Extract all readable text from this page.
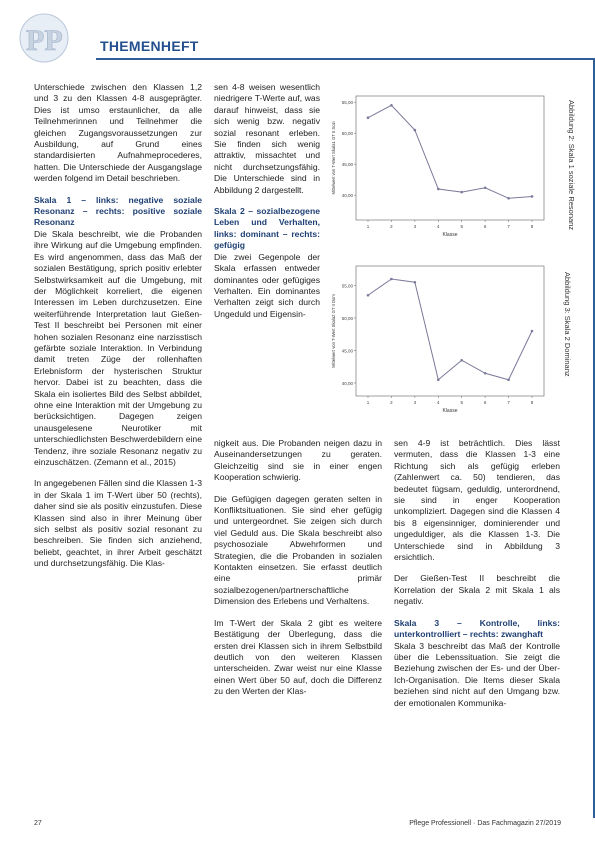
PP	THEMENHEFT

Unterschiede zwischen den Klassen 1,2 und 3 zu den Klassen 4-8 ausgeprägter. Dies ist umso erstaunlicher, da alle Teilnehmerinnen und Teilnehmer die gleichen Zugangsvoraussetzungen zur Ausbildung, auf Grund eines standardisierten Aufnahmeprocederes, hatten. Die Unterschiede der Ausgangslage werden folgend im Detail beschrieben.

Skala 1 – links: negative soziale Resonanz – rechts: positive soziale Resonanz

Die Skala beschreibt, wie die Probanden ihre Wirkung auf die Umgebung empfinden. Es wird angenommen, dass das Maß der sozialen Bestätigung, sprich positiv erlebter Selbstwirksamkeit auf die Umgebung, mit der Möglichkeit korreliert, die eigenen Interessen im Leben durchzusetzen. Eine weiterführende Interpretation laut Gießen-Test II beschreibt bei Personen mit einer hohen sozialen Resonanz eine narzisstisch gefärbte soziale Interaktion. In Verbindung damit treten Züge der rollenhaften Erlebnisform der hysterischen Struktur hervor. Dabei ist zu beachten, dass die Skala ein isoliertes Bild des Selbst abbildet, ohne eine Interaktion mit der Umgebung zu berücksichtigen. Dagegen zeigen unausgelesene Neurotiker mit unterschiedlichsten Beschwerdebildern eine Tendenz, ihre soziale Resonanz negativ zu einzuschätzen. (Zemann et al., 2015)

In angegebenen Fällen sind die Klassen 1-3 in der Skala 1 im T-Wert über 50 (rechts), daher sind sie als positiv einzustufen. Diese Klassen sind also in ihrer Meinung über sich selbst als positiv sozial resonant zu beschreiben. Sie finden sich anziehend, beliebt, geachtet, in ihrer Arbeit geschätzt und durchsetzungsfähig. Die Klas-

sen 4-8 weisen wesentlich niedrigere T-Werte auf, was darauf hinweist, dass sie sich wenig bzw. negativ sozial resonant erleben. Sie finden sich wenig attraktiv, missachtet und nicht durchsetzungsfähig. Die Unterschiede sind in Abbildung 2 dargestellt.

Skala 2 – sozialbezogene Leben und Verhalten, links: dominant – rechts: gefügig

Die zwei Gegenpole der Skala erfassen entweder dominantes oder gefügiges Verhalten. Ein dominantes Verhalten zeigt sich durch Ungeduld und Eigensin-

nigkeit aus. Die Probanden neigen dazu in Auseinandersetzungen zu geraten. Gleichzeitig sind sie in einer engen Kooperation schwierig.

Die Gefügigen dagegen geraten selten in Konfliktsituationen. Sie sind eher gefügig und untergeordnet. Sie zeigen sich durch viel Geduld aus. Die Skala beschreibt also psychosoziale Abwehrformen und Strategien, die die Probanden in sozialen Kontakten einsetzen. Sie erfasst deutlich eine primär sozialbezogenen/partnerschaftliche Dimension des Erlebens und Verhaltens.

Im T-Wert der Skala 2 gibt es weitere Bestätigung der Überlegung, dass die ersten drei Klassen sich in ihrem Selbstbild deutlich von den weiteren Klassen unterscheiden. Zwar weist nur eine Klasse einen Wert über 50 auf, doch die Differenz zu den Werten der Klas-

sen 4-9 ist beträchtlich. Dies lässt vermuten, dass die Klassen 1-3 eine Richtung sich als gefügig erleben (Zahlenwert ca. 50) tendieren, das bedeutet fügsam, geduldig, unterordnend, sie sind in enger Kooperation unkompliziert. Dagegen sind die Klassen 4 bis 8 eigensinniger, dominierender und ungeduldiger, als die Klassen 1-3. Die Unterschiede sind in Abbildung 3 ersichtlich.

Der Gießen-Test II beschreibt die Korrelation der Skala 2 mit Skala 1 als negativ.

Skala 3 – Kontrolle, links: unterkontrolliert – rechts: zwanghaft

Skala 3 beschreibt das Maß der Kontrolle über die Lebenssituation. Sie zeigt die Beziehung zwischen der Es- und der Über-Ich-Organisation. Die Items dieser Skala beziehen sind nicht auf den Umgang bzw. der emotionalen Kommunika-

40,00
45,00
50,00
55,00
1	2	3	4	5	6	7	8
Klasse
Mittelwert von T-Wert Skala1 GT II Sozi	Abbildung 2: Skala 1 soziale Resonanz
40,00
45,00
50,00
55,00
1	2	3	4	5	6	7	8
Klasse
Mittelwert von T-Wert Skala2 GT II Dom	Abbildung 3: Skala 2 Dominanz
27	Pflege Professionell · Das Fachmagazin 27/2019
